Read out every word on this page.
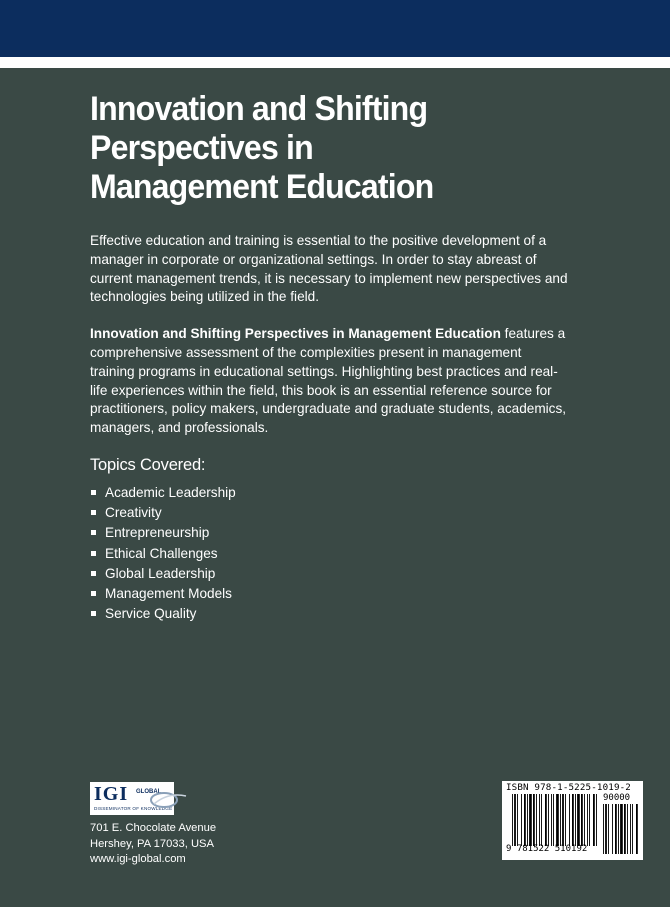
Innovation and Shifting Perspectives in Management Education

Effective education and training is essential to the positive development of a manager in corporate or organizational settings. In order to stay abreast of current management trends, it is necessary to implement new perspectives and technologies being utilized in the field.

Innovation and Shifting Perspectives in Management Education features a comprehensive assessment of the complexities present in management training programs in educational settings. Highlighting best practices and real-life experiences within the field, this book is an essential reference source for practitioners, policy makers, undergraduate and graduate students, academics, managers, and professionals.

Topics Covered:
Academic Leadership
Creativity
Entrepreneurship
Ethical Challenges
Global Leadership
Management Models
Service Quality
IGI GLOBAL
DISSEMINATOR OF KNOWLEDGE
701 E. Chocolate Avenue
Hershey, PA 17033, USA
www.igi-global.com
ISBN 978-1-5225-1019-2
9 781522 510192
90000
